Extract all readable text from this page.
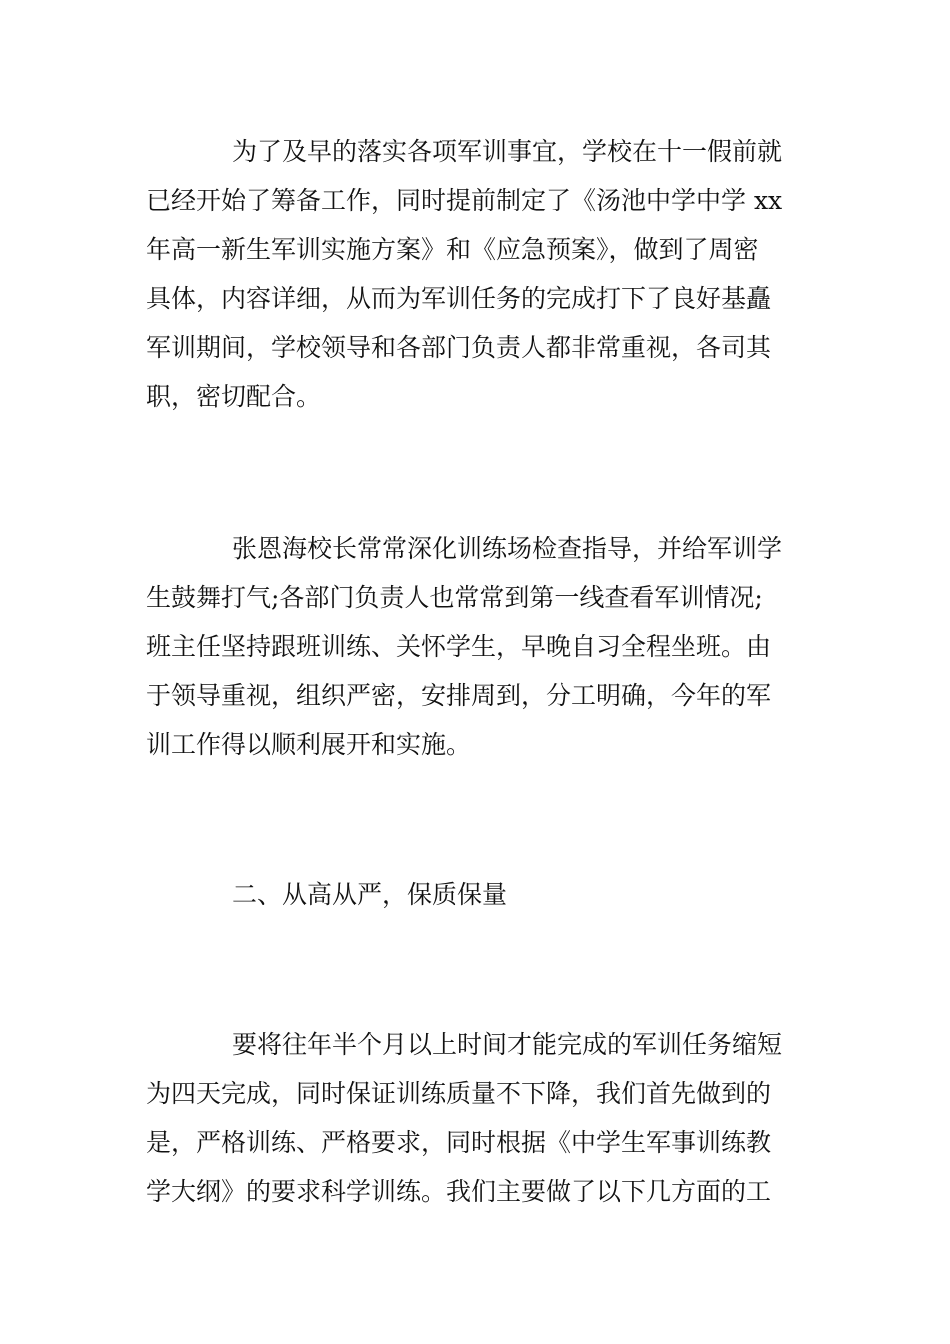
为了及早的落实各项军训事宜，学校在十一假前就
已经开始了筹备工作，同时提前制定了《汤池中学中学 xx
年高一新生军训实施方案》和《应急预案》，做到了周密
具体，内容详细，从而为军训任务的完成打下了良好基矗
军训期间，学校领导和各部门负责人都非常重视，各司其
职，密切配合。
张恩海校长常常深化训练场检查指导，并给军训学
生鼓舞打气;各部门负责人也常常到第一线查看军训情况;
班主任坚持跟班训练、关怀学生，早晚自习全程坐班。由
于领导重视，组织严密，安排周到，分工明确，今年的军
训工作得以顺利展开和实施。
二、从高从严，保质保量
要将往年半个月以上时间才能完成的军训任务缩短
为四天完成，同时保证训练质量不下降，我们首先做到的
是，严格训练、严格要求，同时根据《中学生军事训练教
学大纲》的要求科学训练。我们主要做了以下几方面的工
